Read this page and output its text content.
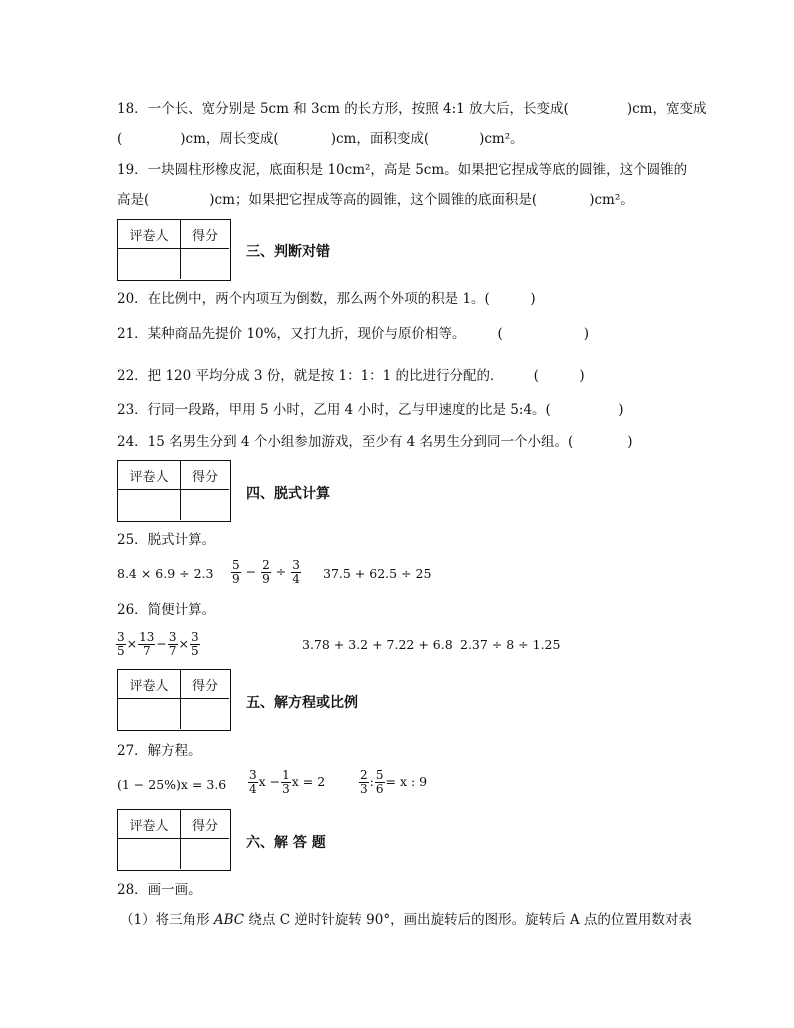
18．一个长、宽分别是 5cm 和 3cm 的长方形，按照 4:1 放大后，长变成(	)cm，宽变成
(	)cm，周长变成(	)cm，面积变成(	)cm²。
19．一块圆柱形橡皮泥，底面积是 10cm²，高是 5cm。如果把它捏成等底的圆锥，这个圆锥的
高是(	)cm；如果把它捏成等高的圆锥，这个圆锥的底面积是(	)cm²。
评卷人	得分
三、判断对错
20．在比例中，两个内项互为倒数，那么两个外项的积是 1。(　　　)
21．某种商品先提价 10%，又打九折，现价与原价相等。 (　　　　　　)
22．把 120 平均分成 3 份，就是按 1：1：1 的比进行分配的． (　　　)
23．行同一段路，甲用 5 小时，乙用 4 小时，乙与甲速度的比是 5:4。(　　　　　)
24．15 名男生分到 4 个小组参加游戏，至少有 4 名男生分到同一个小组。(　　　　)
评卷人	得分
四、脱式计算
25．脱式计算。
$8.4 \times 6.9 \div 2.3 \frac{5}{9} - \frac{2}{9} \div \frac{3}{4} 37.5 + 62.5 \div 25$
26．简便计算。
$\frac{3}{5} \times \frac{13}{7} - \frac{3}{7} \times \frac{3}{5}$	3.78 + 3.2 + 7.22 + 6.8 2.37 ÷ 8 ÷ 1.25
评卷人	得分
五、解方程或比例
27．解方程。
$(1 - 25\%)x = 3.6 \frac{3}{4}$ $x - \frac{1}{3}$ x = 2	$\frac{2}{3}$ : $\frac{5}{6} = x$ : 9
评卷人	得分
六、解 答 题
28．画一画。
（1）将三角形 ABC 绕点 C 逆时针旋转 90°，画出旋转后的图形。旋转后 A 点的位置用数对表
